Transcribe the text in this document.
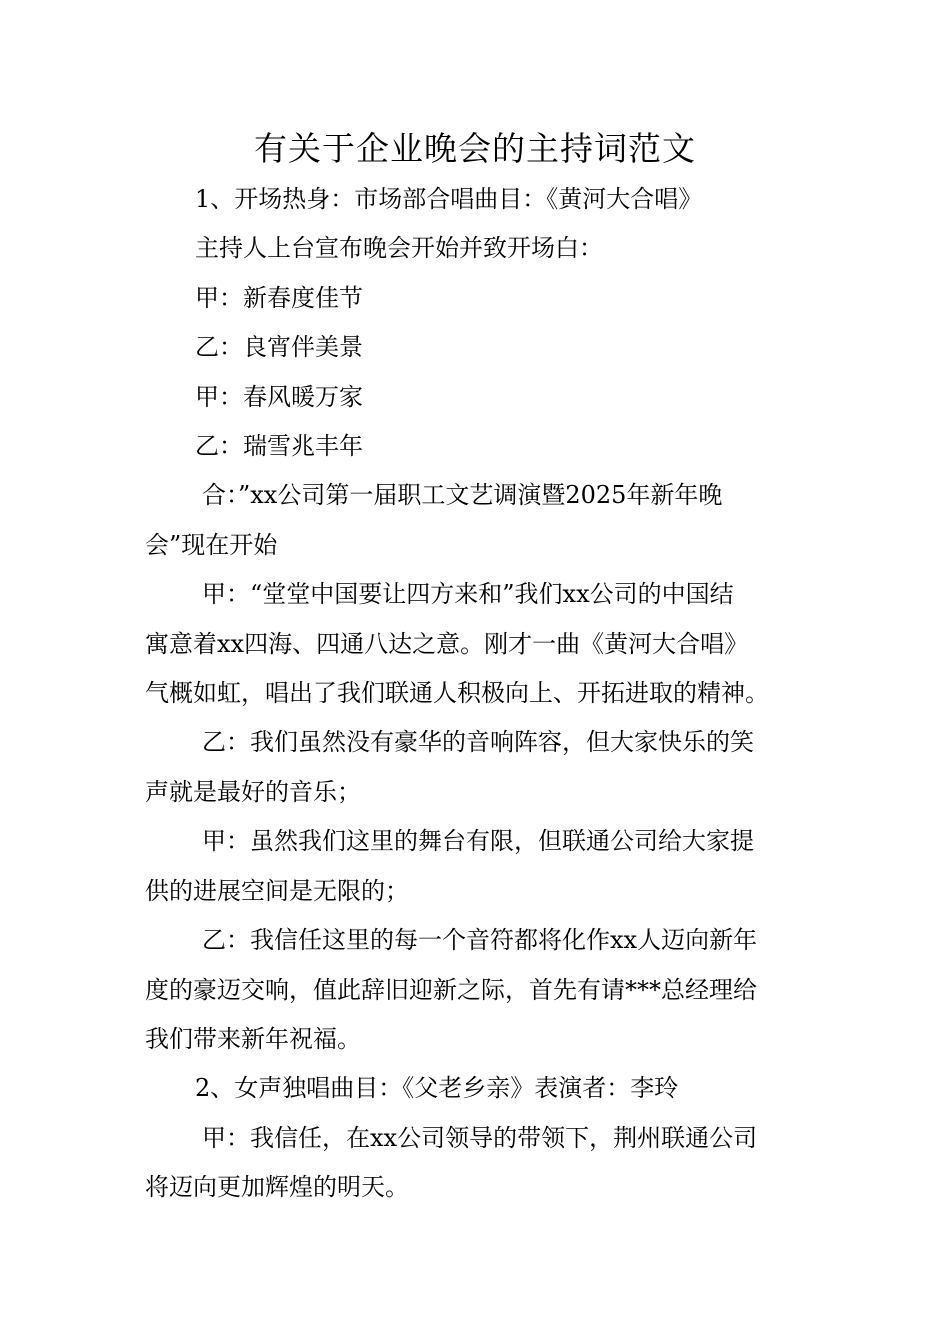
有关于企业晚会的主持词范文

1、开场热身：市场部合唱曲目：《黄河大合唱》

主持人上台宣布晚会开始并致开场白：

甲：新春度佳节

乙：良宵伴美景

甲：春风暖万家

乙：瑞雪兆丰年

合：”xx公司第一届职工文艺调演暨2025年新年晚

会”现在开始

甲：“堂堂中国要让四方来和”我们xx公司的中国结

寓意着xx四海、四通八达之意。刚才一曲《黄河大合唱》

气概如虹，唱出了我们联通人积极向上、开拓进取的精神。

乙：我们虽然没有豪华的音响阵容，但大家快乐的笑

声就是最好的音乐；

甲：虽然我们这里的舞台有限，但联通公司给大家提

供的进展空间是无限的；

乙：我信任这里的每一个音符都将化作xx人迈向新年

度的豪迈交响，值此辞旧迎新之际，首先有请***总经理给

我们带来新年祝福。

2、女声独唱曲目：《父老乡亲》表演者：李玲

甲：我信任，在xx公司领导的带领下，荆州联通公司

将迈向更加辉煌的明天。
